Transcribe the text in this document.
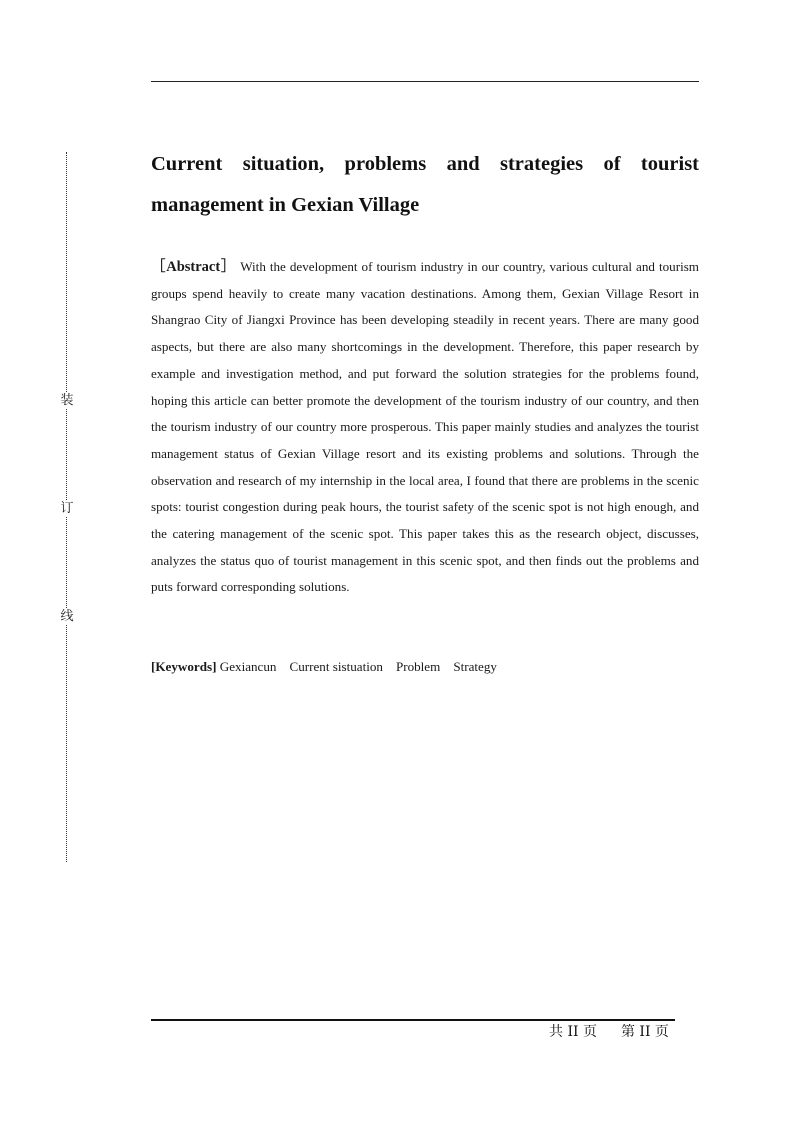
装
订
线
Current situation, problems and strategies of tourist management in Gexian Village

［Abstract］ With the development of tourism industry in our country, various cultural and tourism groups spend heavily to create many vacation destinations. Among them, Gexian Village Resort in Shangrao City of Jiangxi Province has been developing steadily in recent years. There are many good aspects, but there are also many shortcomings in the development. Therefore, this paper research by example and investigation method, and put forward the solution strategies for the problems found, hoping this article can better promote the development of the tourism industry of our country, and then the tourism industry of our country more prosperous. This paper mainly studies and analyzes the tourist management status of Gexian Village resort and its existing problems and solutions. Through the observation and research of my internship in the local area, I found that there are problems in the scenic spots: tourist congestion during peak hours, the tourist safety of the scenic spot is not high enough, and the catering management of the scenic spot. This paper takes this as the research object, discusses, analyzes the status quo of tourist management in this scenic spot, and then finds out the problems and puts forward corresponding solutions.

[Keywords] Gexiancun Current sistuation Problem Strategy

共 II 页 第 II 页
